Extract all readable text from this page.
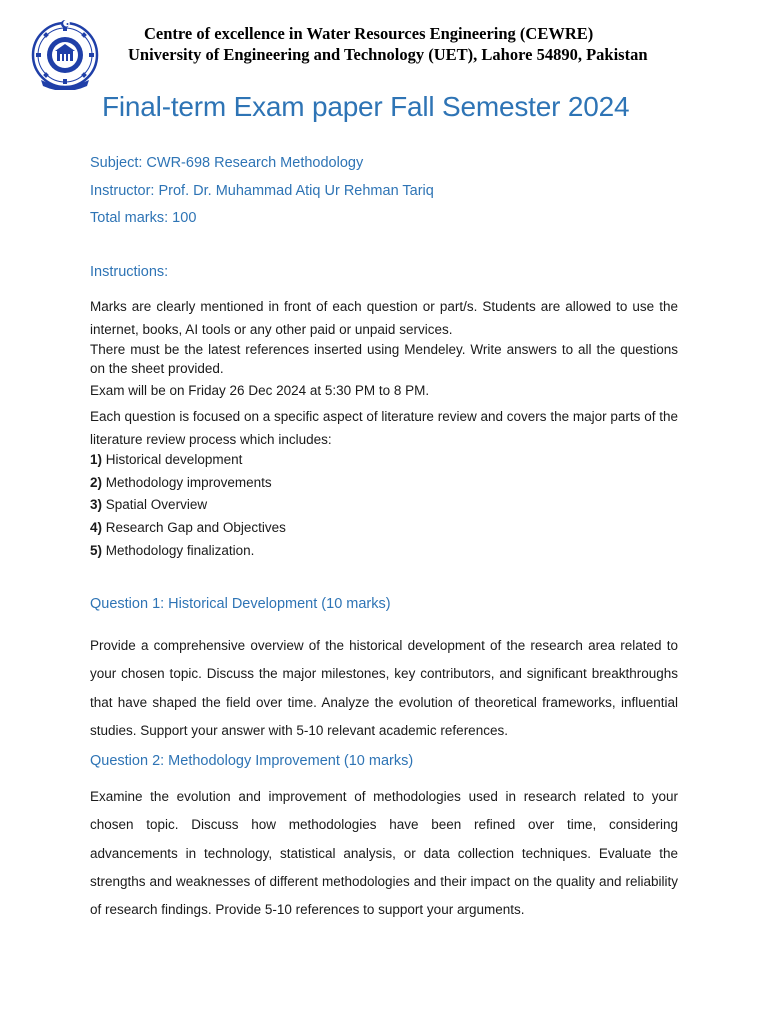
Centre of excellence in Water Resources Engineering (CEWRE)
University of Engineering and Technology (UET), Lahore 54890, Pakistan
Final-term Exam paper Fall Semester 2024
Subject: CWR-698 Research Methodology
Instructor: Prof. Dr. Muhammad Atiq Ur Rehman Tariq
Total marks: 100
Instructions:
Marks are clearly mentioned in front of each question or part/s. Students are allowed to use the internet, books, AI tools or any other paid or unpaid services.
There must be the latest references inserted using Mendeley. Write answers to all the questions on the sheet provided.
Exam will be on Friday 26 Dec 2024 at 5:30 PM to 8 PM.
Each question is focused on a specific aspect of literature review and covers the major parts of the literature review process which includes:
1) Historical development
2) Methodology improvements
3) Spatial Overview
4) Research Gap and Objectives
5) Methodology finalization.
Question 1: Historical Development (10 marks)
Provide a comprehensive overview of the historical development of the research area related to your chosen topic. Discuss the major milestones, key contributors, and significant breakthroughs that have shaped the field over time. Analyze the evolution of theoretical frameworks, influential studies. Support your answer with 5-10 relevant academic references.
Question 2: Methodology Improvement (10 marks)
Examine the evolution and improvement of methodologies used in research related to your chosen topic. Discuss how methodologies have been refined over time, considering advancements in technology, statistical analysis, or data collection techniques. Evaluate the strengths and weaknesses of different methodologies and their impact on the quality and reliability of research findings. Provide 5-10 references to support your arguments.
